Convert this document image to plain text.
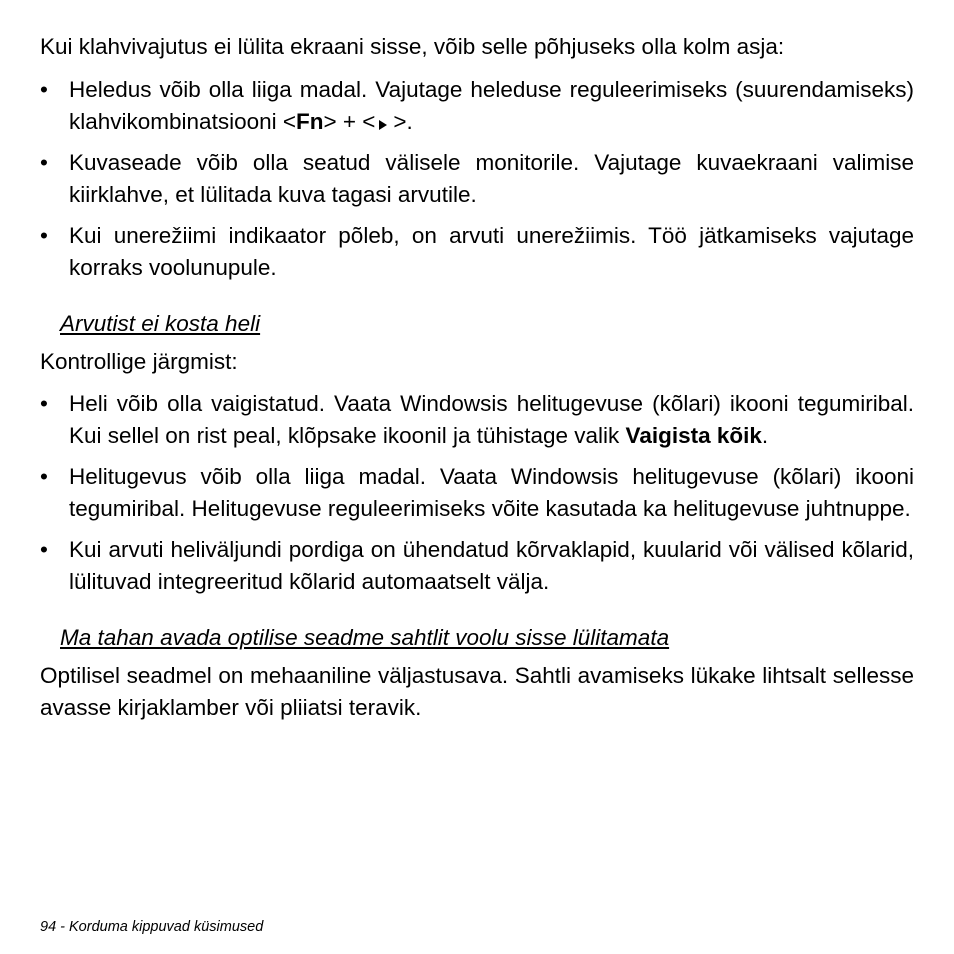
Kui klahvivajutus ei lülita ekraani sisse, võib selle põhjuseks olla kolm asja:

• Heledus võib olla liiga madal. Vajutage heleduse reguleerimiseks (suurendamiseks) klahvikombinatsiooni <Fn> + < >.
• Kuvaseade võib olla seatud välisele monitorile. Vajutage kuvaekraani valimise kiirklahve, et lülitada kuva tagasi arvutile.
• Kui unerežiimi indikaator põleb, on arvuti unerežiimis. Töö jätkamiseks vajutage korraks voolunupule.
Arvutist ei kosta heli

Kontrollige järgmist:

• Heli võib olla vaigistatud. Vaata Windowsis helitugevuse (kõlari) ikooni tegumiribal. Kui sellel on rist peal, klõpsake ikoonil ja tühistage valik Vaigista kõik.
• Helitugevus võib olla liiga madal. Vaata Windowsis helitugevuse (kõlari) ikooni tegumiribal. Helitugevuse reguleerimiseks võite kasutada ka helitugevuse juhtnuppe.
• Kui arvuti heliväljundi pordiga on ühendatud kõrvaklapid, kuularid või välised kõlarid, lülituvad integreeritud kõlarid automaatselt välja.
Ma tahan avada optilise seadme sahtlit voolu sisse lülitamata

Optilisel seadmel on mehaaniline väljastusava. Sahtli avamiseks lükake lihtsalt sellesse avasse kirjaklamber või pliiatsi teravik.

94 - Korduma kippuvad küsimused
